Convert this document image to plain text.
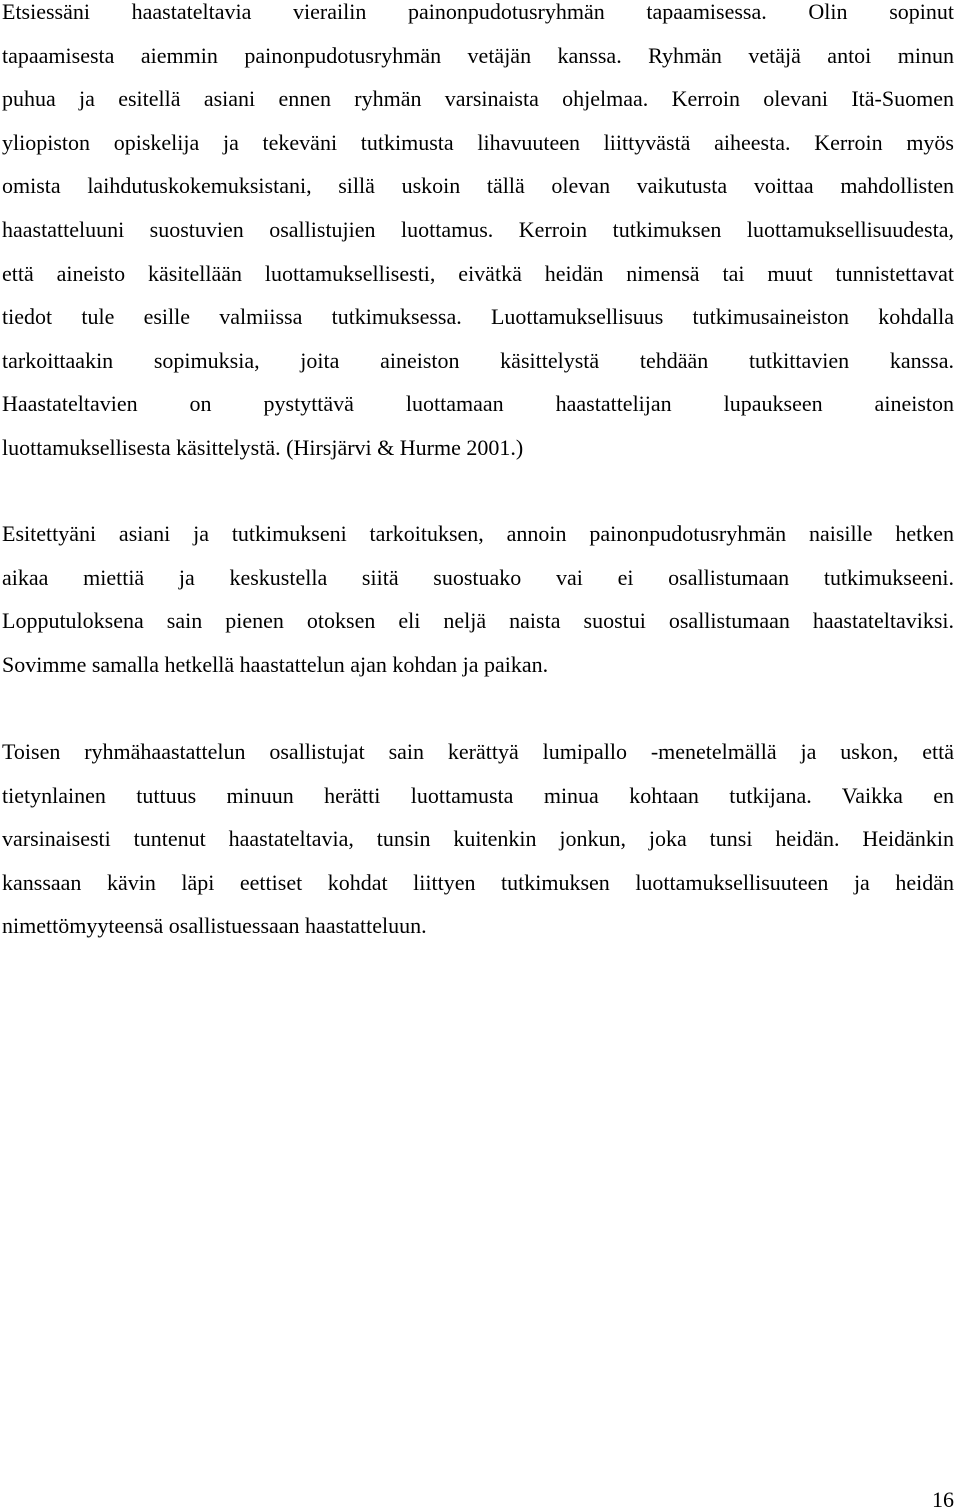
Etsiessäni haastateltavia vierailin painonpudotusryhmän tapaamisessa. Olin sopinut
tapaamisesta aiemmin painonpudotusryhmän vetäjän kanssa. Ryhmän vetäjä antoi minun
puhua ja esitellä asiani ennen ryhmän varsinaista ohjelmaa. Kerroin olevani Itä-Suomen
yliopiston opiskelija ja tekeväni tutkimusta lihavuuteen liittyvästä aiheesta. Kerroin myös
omista laihdutuskokemuksistani, sillä uskoin tällä olevan vaikutusta voittaa mahdollisten
haastatteluuni suostuvien osallistujien luottamus. Kerroin tutkimuksen luottamuksellisuudesta,
että aineisto käsitellään luottamuksellisesti, eivätkä heidän nimensä tai muut tunnistettavat
tiedot tule esille valmiissa tutkimuksessa. Luottamuksellisuus tutkimusaineiston kohdalla
tarkoittaakin sopimuksia, joita aineiston käsittelystä tehdään tutkittavien kanssa.
Haastateltavien on pystyttävä luottamaan haastattelijan lupaukseen aineiston
luottamuksellisesta käsittelystä. (Hirsjärvi & Hurme 2001.)
Esitettyäni asiani ja tutkimukseni tarkoituksen, annoin painonpudotusryhmän naisille hetken
aikaa miettiä ja keskustella siitä suostuako vai ei osallistumaan tutkimukseeni.
Lopputuloksena sain pienen otoksen eli neljä naista suostui osallistumaan haastateltaviksi.
Sovimme samalla hetkellä haastattelun ajan kohdan ja paikan.
Toisen ryhmähaastattelun osallistujat sain kerättyä lumipallo -menetelmällä ja uskon, että
tietynlainen tuttuus minuun herätti luottamusta minua kohtaan tutkijana. Vaikka en
varsinaisesti tuntenut haastateltavia, tunsin kuitenkin jonkun, joka tunsi heidän. Heidänkin
kanssaan kävin läpi eettiset kohdat liittyen tutkimuksen luottamuksellisuuteen ja heidän
nimettömyyteensä osallistuessaan haastatteluun.
16
